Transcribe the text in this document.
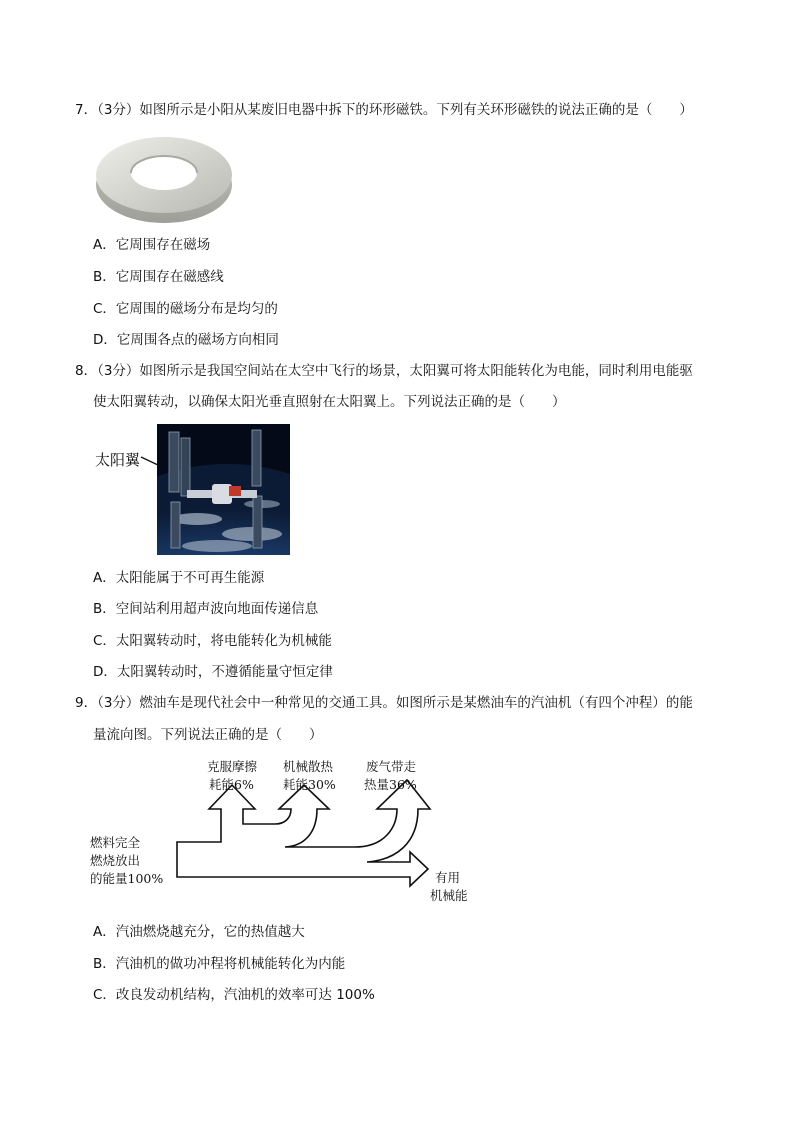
7．（3分）如图所示是小阳从某废旧电器中拆下的环形磁铁。下列有关环形磁铁的说法正确的是（　　）
A．它周围存在磁场
B．它周围存在磁感线
C．它周围的磁场分布是均匀的
D．它周围各点的磁场方向相同
8．（3分）如图所示是我国空间站在太空中飞行的场景，太阳翼可将太阳能转化为电能，同时利用电能驱
使太阳翼转动，以确保太阳光垂直照射在太阳翼上。下列说法正确的是（　　）
太阳翼
A．太阳能属于不可再生能源
B．空间站利用超声波向地面传递信息
C．太阳翼转动时，将电能转化为机械能
D．太阳翼转动时，不遵循能量守恒定律
9．（3分）燃油车是现代社会中一种常见的交通工具。如图所示是某燃油车的汽油机（有四个冲程）的能
量流向图。下列说法正确的是（　　）
燃料完全
燃烧放出
的能量100%
克服摩擦
耗能6%
机械散热
耗能30%
废气带走
热量36%
有用
机械能
A．汽油燃烧越充分，它的热值越大
B．汽油机的做功冲程将机械能转化为内能
C．改良发动机结构，汽油机的效率可达 100%
